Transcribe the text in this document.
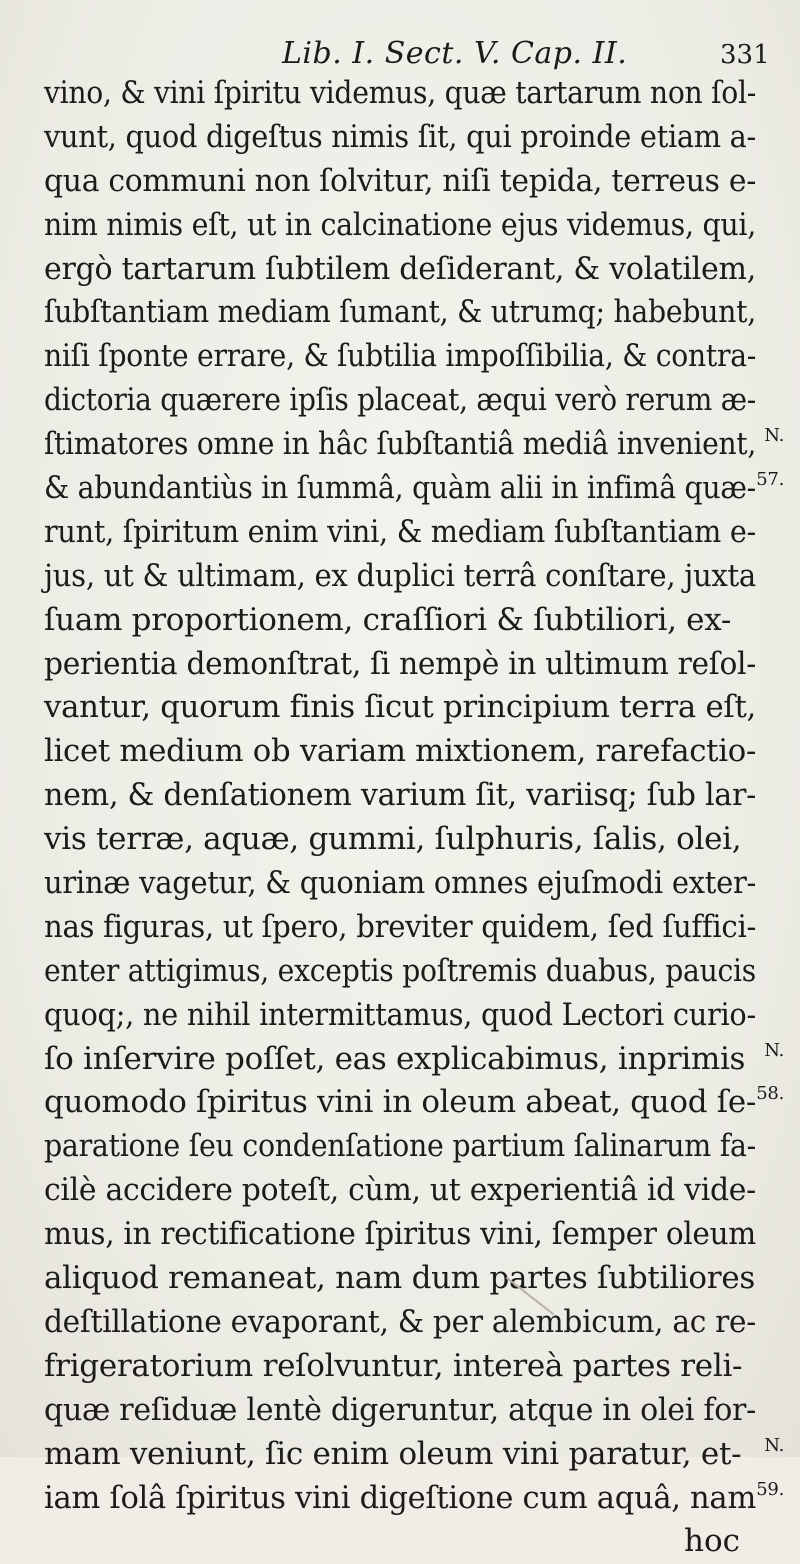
Lib. I. Sect. V. Cap. II.	331
vino, & vini ſpiritu videmus, quæ tartarum non ſol-
vunt, quod digeſtus nimis ſit, qui proinde etiam a-
qua communi non ſolvitur, niſi tepida, terreus e-
nim nimis eſt, ut in calcinatione ejus videmus, qui,
ergò tartarum ſubtilem deſiderant, & volatilem,
ſubſtantiam mediam ſumant, & utrumq; habebunt,
niſi ſponte errare, & ſubtilia impoſſibilia, & contra-
dictoria quærere ipſis placeat, æqui verò rerum æ-
ſtimatores omne in hâc ſubſtantiâ mediâ invenient, N.
& abundantiùs in ſummâ, quàm alii in infimâ quæ- 57.
runt, ſpiritum enim vini, & mediam ſubſtantiam e-
jus, ut & ultimam, ex duplici terrâ conſtare, juxta
ſuam proportionem, craſſiori & ſubtiliori, ex-
perientia demonſtrat, ſi nempè in ultimum reſol-
vantur, quorum finis ſicut principium terra eſt,
licet medium ob variam mixtionem, rarefactio-
nem, & denſationem varium ſit, variisq; ſub lar-
vis terræ, aquæ, gummi, ſulphuris, ſalis, olei,
urinæ vagetur, & quoniam omnes ejuſmodi exter-
nas figuras, ut ſpero, breviter quidem, ſed ſuffici-
enter attigimus, exceptis poſtremis duabus, paucis
quoq;, ne nihil intermittamus, quod Lectori curio-
ſo inſervire poſſet, eas explicabimus, inprimis N.
quomodo ſpiritus vini in oleum abeat, quod ſe- 58.
paratione ſeu condenſatione partium ſalinarum fa-
cilè accidere poteſt, cùm, ut experientiâ id vide-
mus, in rectificatione ſpiritus vini, ſemper oleum
aliquod remaneat, nam dum partes ſubtiliores
deſtillatione evaporant, & per alembicum, ac re-
frigeratorium reſolvuntur, intereà partes reli-
quæ reſiduæ lentè digeruntur, atque in olei for-
mam veniunt, ſic enim oleum vini paratur, et- N.
iam ſolâ ſpiritus vini digeſtione cum aquâ, nam 59.
hoc
